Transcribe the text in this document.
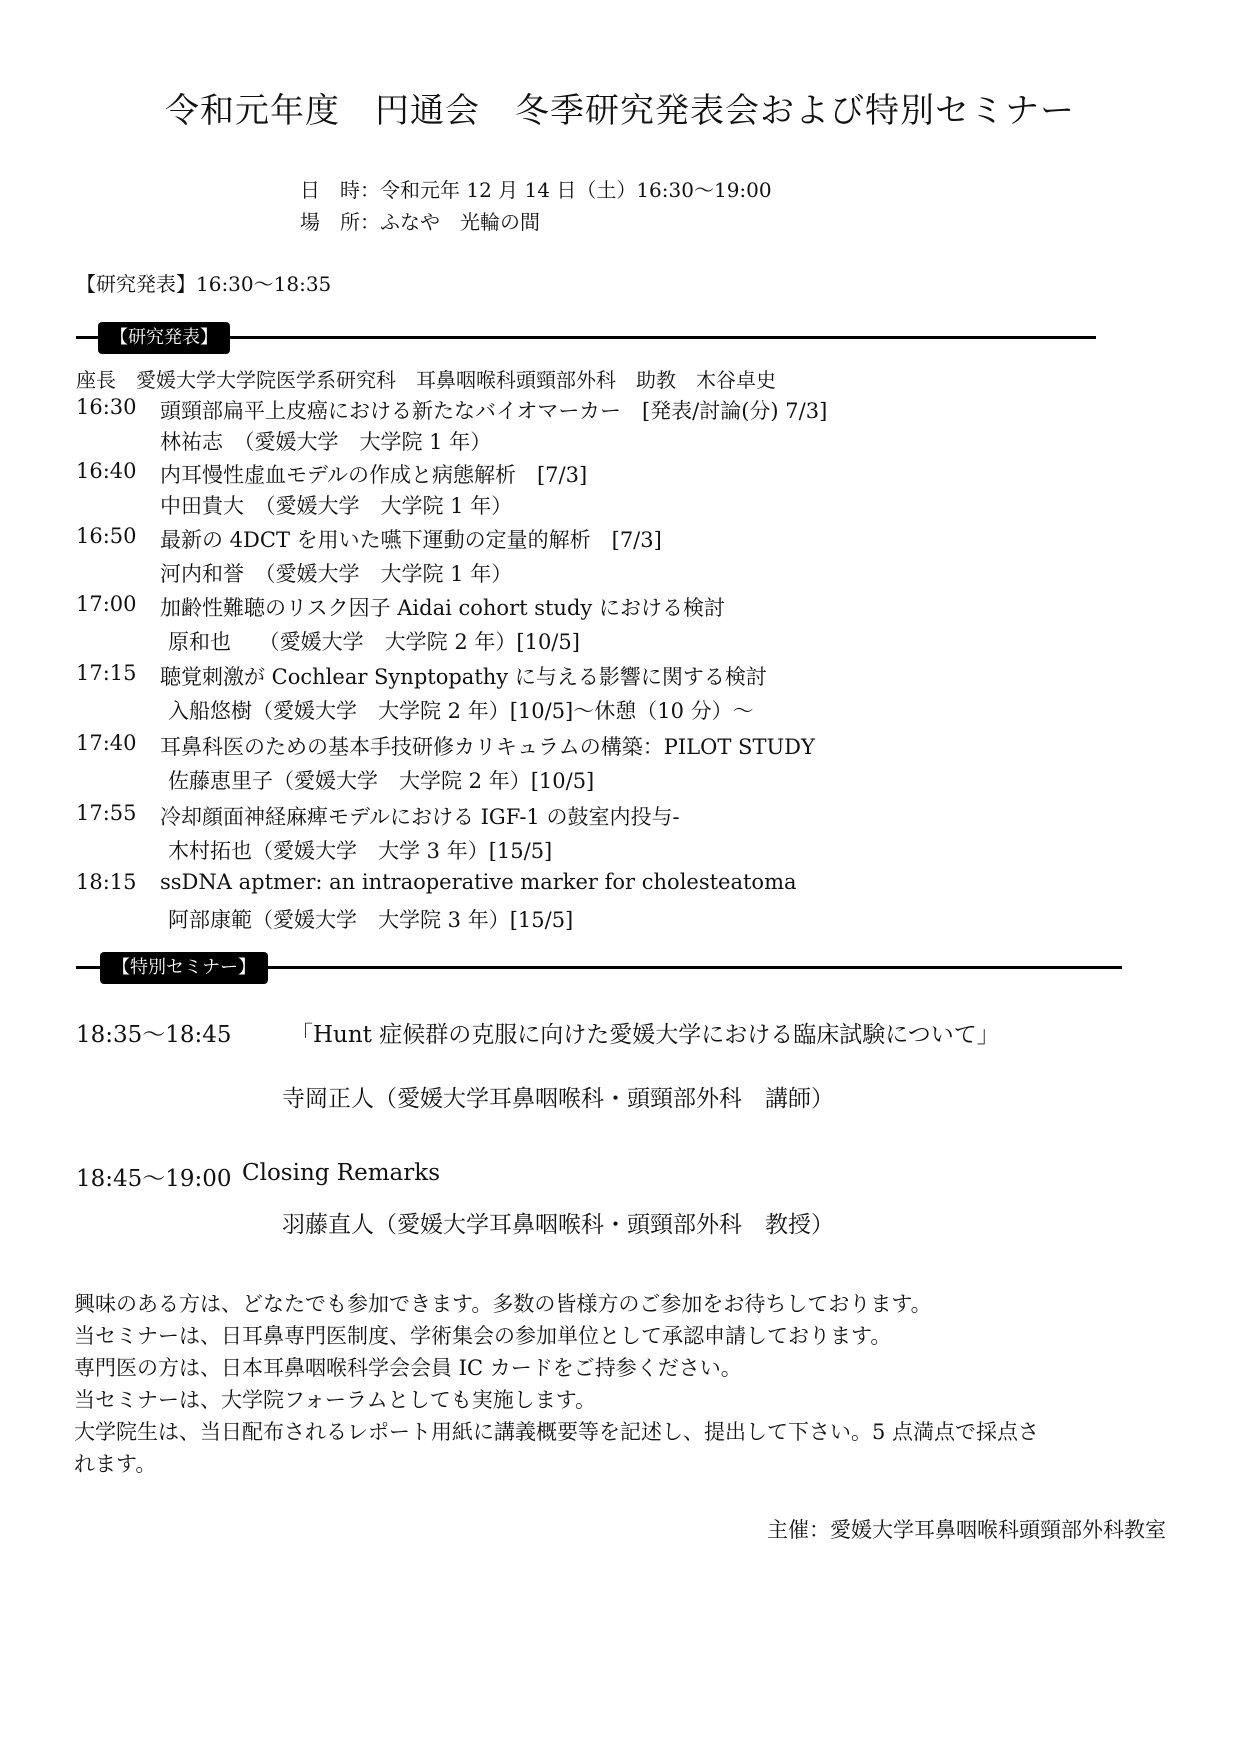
令和元年度　円通会　冬季研究発表会および特別セミナー
日　時：令和元年 12 月 14 日（土）16:30～19:00
場　所：ふなや　光輪の間
【研究発表】16:30～18:35
【研究発表】
座長　愛媛大学大学院医学系研究科　耳鼻咽喉科頭頸部外科　助教　木谷卓史
16:30 頭頸部扁平上皮癌における新たなバイオマーカー　[発表/討論(分) 7/3]
林祐志　（愛媛大学　大学院 1 年）
16:40 内耳慢性虚血モデルの作成と病態解析　[7/3]
中田貴大　（愛媛大学　大学院 1 年）
16:50 最新の 4DCT を用いた嚥下運動の定量的解析　[7/3]
河内和誉　（愛媛大学　大学院 1 年）
17:00 加齢性難聴のリスク因子 Aidai cohort study における検討
原和也　 （愛媛大学　大学院 2 年）[10/5]
17:15 聴覚刺激が Cochlear Synptopathy に与える影響に関する検討
入船悠樹（愛媛大学　大学院 2 年）[10/5]～休憩（10 分）～
17:40 耳鼻科医のための基本手技研修カリキュラムの構築：PILOT STUDY
佐藤恵里子（愛媛大学　大学院 2 年）[10/5]
17:55 冷却顔面神経麻痺モデルにおける IGF-1 の鼓室内投与-
木村拓也（愛媛大学　大学 3 年）[15/5]
18:15 ssDNA aptmer: an intraoperative marker for cholesteatoma
阿部康範（愛媛大学　大学院 3 年）[15/5]
【特別セミナー】
18:35～18:45	「Hunt 症候群の克服に向けた愛媛大学における臨床試験について」
寺岡正人（愛媛大学耳鼻咽喉科・頭頸部外科　講師）
18:45～19:00 Closing Remarks
羽藤直人（愛媛大学耳鼻咽喉科・頭頸部外科　教授）
興味のある方は、どなたでも参加できます。多数の皆様方のご参加をお待ちしております。
当セミナーは、日耳鼻専門医制度、学術集会の参加単位として承認申請しております。
専門医の方は、日本耳鼻咽喉科学会会員 IC カードをご持参ください。
当セミナーは、大学院フォーラムとしても実施します。
大学院生は、当日配布されるレポート用紙に講義概要等を記述し、提出して下さい。5 点満点で採点さ
れます。
主催：愛媛大学耳鼻咽喉科頭頸部外科教室
